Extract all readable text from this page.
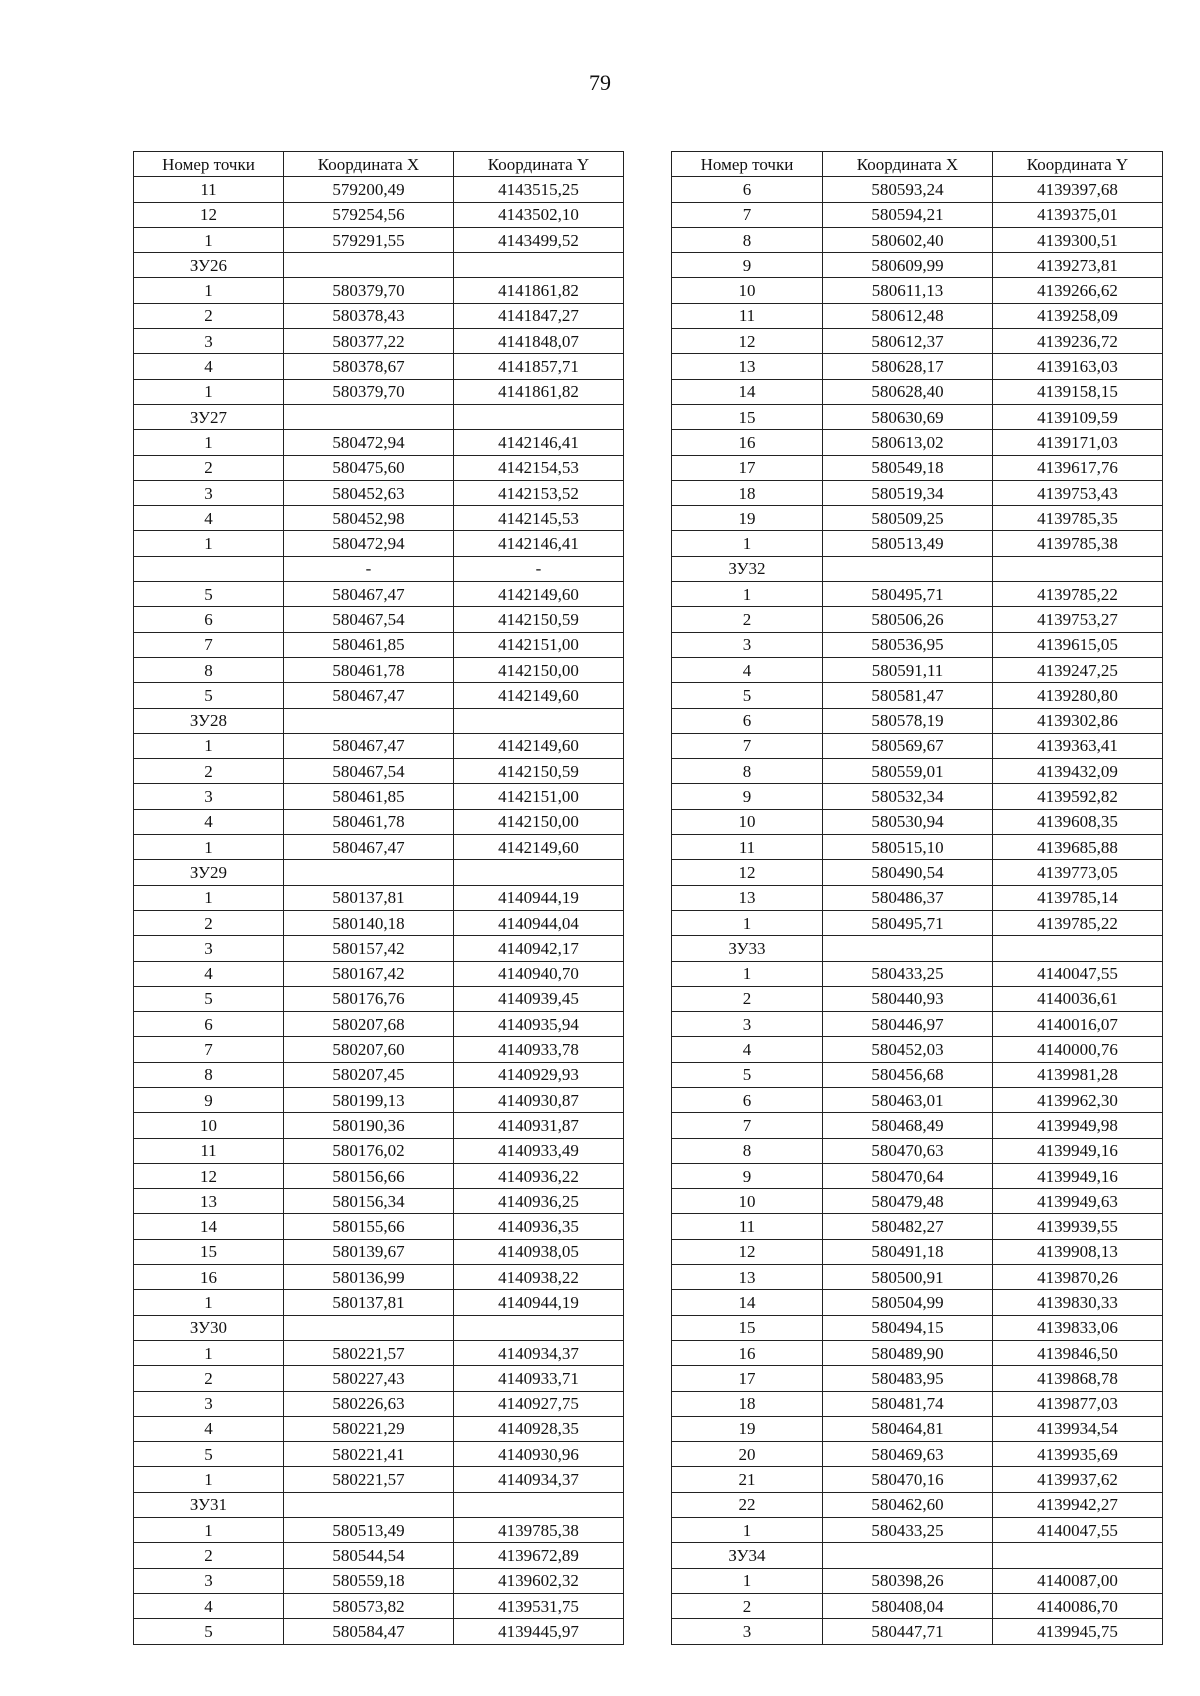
79
Номер точки	Координата X	Координата Y
11	579200,49	4143515,25
12	579254,56	4143502,10
1	579291,55	4143499,52
ЗУ26		
1	580379,70	4141861,82
2	580378,43	4141847,27
3	580377,22	4141848,07
4	580378,67	4141857,71
1	580379,70	4141861,82
ЗУ27		
1	580472,94	4142146,41
2	580475,60	4142154,53
3	580452,63	4142153,52
4	580452,98	4142145,53
1	580472,94	4142146,41
	-	-
5	580467,47	4142149,60
6	580467,54	4142150,59
7	580461,85	4142151,00
8	580461,78	4142150,00
5	580467,47	4142149,60
ЗУ28		
1	580467,47	4142149,60
2	580467,54	4142150,59
3	580461,85	4142151,00
4	580461,78	4142150,00
1	580467,47	4142149,60
ЗУ29		
1	580137,81	4140944,19
2	580140,18	4140944,04
3	580157,42	4140942,17
4	580167,42	4140940,70
5	580176,76	4140939,45
6	580207,68	4140935,94
7	580207,60	4140933,78
8	580207,45	4140929,93
9	580199,13	4140930,87
10	580190,36	4140931,87
11	580176,02	4140933,49
12	580156,66	4140936,22
13	580156,34	4140936,25
14	580155,66	4140936,35
15	580139,67	4140938,05
16	580136,99	4140938,22
1	580137,81	4140944,19
ЗУ30		
1	580221,57	4140934,37
2	580227,43	4140933,71
3	580226,63	4140927,75
4	580221,29	4140928,35
5	580221,41	4140930,96
1	580221,57	4140934,37
ЗУ31		
1	580513,49	4139785,38
2	580544,54	4139672,89
3	580559,18	4139602,32
4	580573,82	4139531,75
5	580584,47	4139445,97
Номер точки	Координата X	Координата Y
6	580593,24	4139397,68
7	580594,21	4139375,01
8	580602,40	4139300,51
9	580609,99	4139273,81
10	580611,13	4139266,62
11	580612,48	4139258,09
12	580612,37	4139236,72
13	580628,17	4139163,03
14	580628,40	4139158,15
15	580630,69	4139109,59
16	580613,02	4139171,03
17	580549,18	4139617,76
18	580519,34	4139753,43
19	580509,25	4139785,35
1	580513,49	4139785,38
ЗУ32		
1	580495,71	4139785,22
2	580506,26	4139753,27
3	580536,95	4139615,05
4	580591,11	4139247,25
5	580581,47	4139280,80
6	580578,19	4139302,86
7	580569,67	4139363,41
8	580559,01	4139432,09
9	580532,34	4139592,82
10	580530,94	4139608,35
11	580515,10	4139685,88
12	580490,54	4139773,05
13	580486,37	4139785,14
1	580495,71	4139785,22
ЗУ33		
1	580433,25	4140047,55
2	580440,93	4140036,61
3	580446,97	4140016,07
4	580452,03	4140000,76
5	580456,68	4139981,28
6	580463,01	4139962,30
7	580468,49	4139949,98
8	580470,63	4139949,16
9	580470,64	4139949,16
10	580479,48	4139949,63
11	580482,27	4139939,55
12	580491,18	4139908,13
13	580500,91	4139870,26
14	580504,99	4139830,33
15	580494,15	4139833,06
16	580489,90	4139846,50
17	580483,95	4139868,78
18	580481,74	4139877,03
19	580464,81	4139934,54
20	580469,63	4139935,69
21	580470,16	4139937,62
22	580462,60	4139942,27
1	580433,25	4140047,55
ЗУ34		
1	580398,26	4140087,00
2	580408,04	4140086,70
3	580447,71	4139945,75
